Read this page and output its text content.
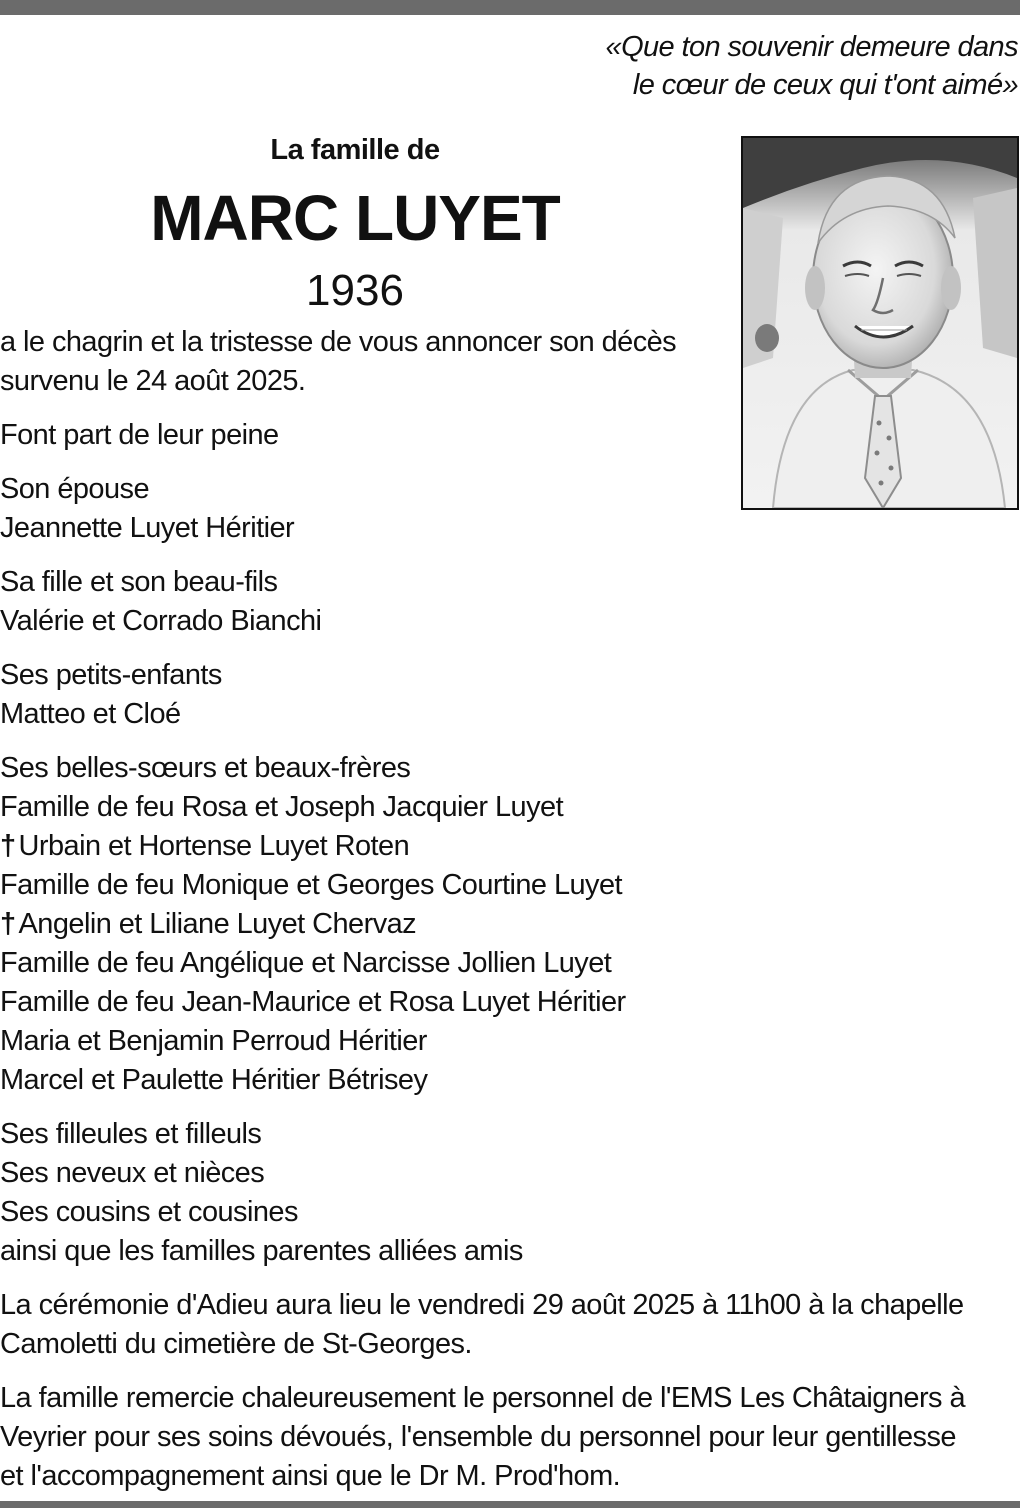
«Que ton souvenir demeure dans
le cœur de ceux qui t'ont aimé»
La famille de
MARC LUYET
1936
a le chagrin et la tristesse de vous annoncer son décès
survenu le 24 août 2025.
Font part de leur peine
Son épouse
Jeannette Luyet Héritier
Sa fille et son beau-fils
Valérie et Corrado Bianchi
Ses petits-enfants
Matteo et Cloé
Ses belles-sœurs et beaux-frères
Famille de feu Rosa et Joseph Jacquier Luyet
† Urbain et Hortense Luyet Roten
Famille de feu Monique et Georges Courtine Luyet
† Angelin et Liliane Luyet Chervaz
Famille de feu Angélique et Narcisse Jollien Luyet
Famille de feu Jean-Maurice et Rosa Luyet Héritier
Maria et Benjamin Perroud Héritier
Marcel et Paulette Héritier Bétrisey
Ses filleules et filleuls
Ses neveux et nièces
Ses cousins et cousines
ainsi que les familles parentes alliées amis
La cérémonie d'Adieu aura lieu le vendredi 29 août 2025 à 11h00 à la chapelle
Camoletti du cimetière de St-Georges.
La famille remercie chaleureusement le personnel de l'EMS Les Châtaigners à
Veyrier pour ses soins dévoués, l'ensemble du personnel pour leur gentillesse
et l'accompagnement ainsi que le Dr M. Prod'hom.
